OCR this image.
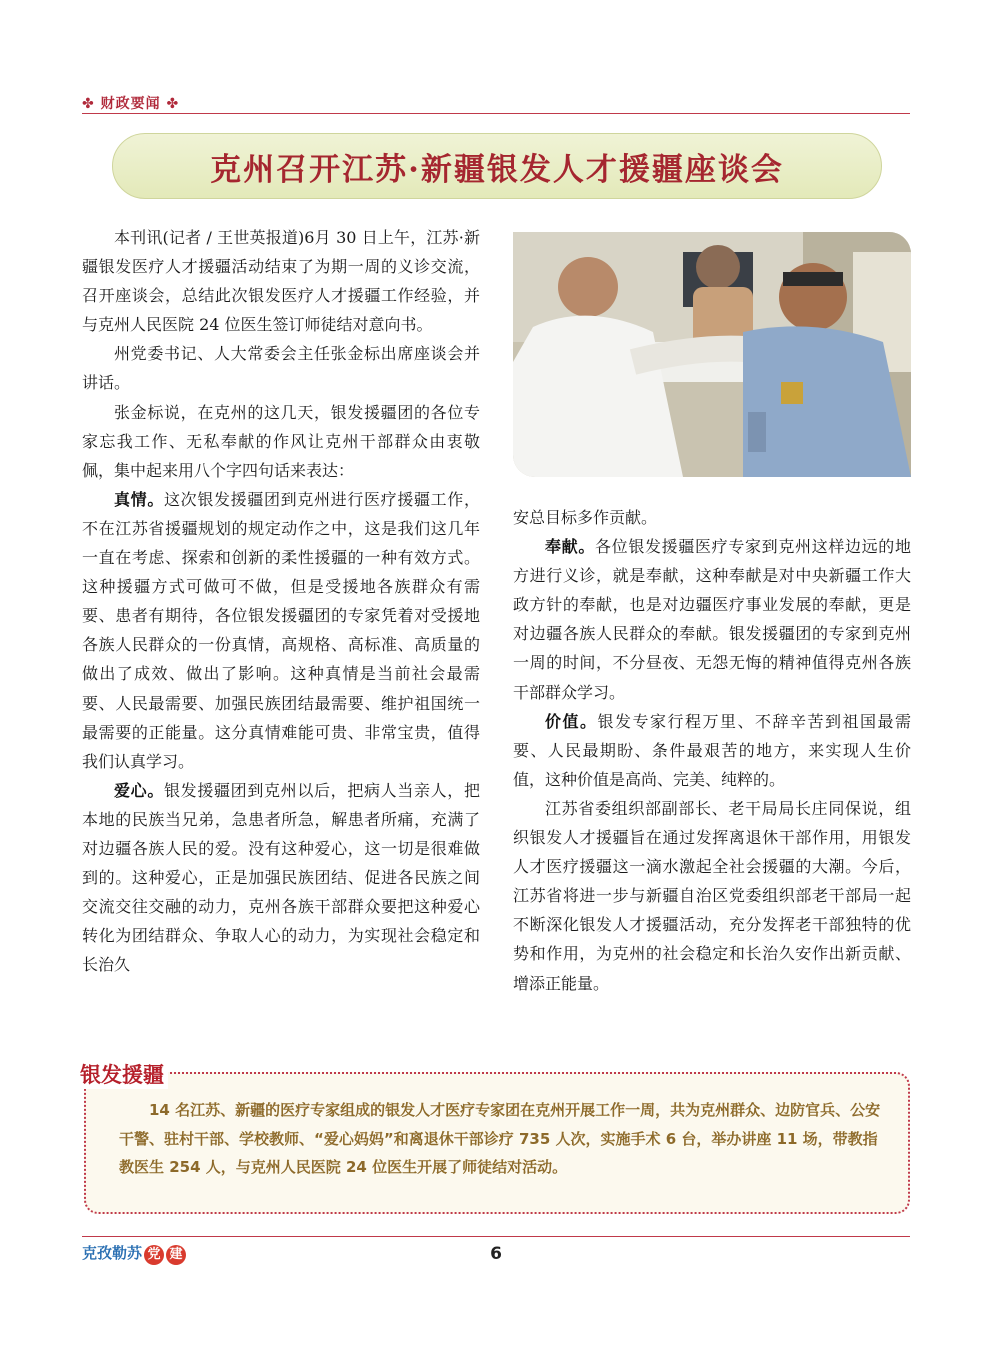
✤ 财政要闻 ✤
克州召开江苏·新疆银发人才援疆座谈会

本刊讯(记者 / 王世英报道)6月 30 日上午，江苏·新疆银发医疗人才援疆活动结束了为期一周的义诊交流，召开座谈会，总结此次银发医疗人才援疆工作经验，并与克州人民医院 24 位医生签订师徒结对意向书。

州党委书记、人大常委会主任张金标出席座谈会并讲话。

张金标说，在克州的这几天，银发援疆团的各位专家忘我工作、无私奉献的作风让克州干部群众由衷敬佩，集中起来用八个字四句话来表达：

真情。这次银发援疆团到克州进行医疗援疆工作，不在江苏省援疆规划的规定动作之中，这是我们这几年一直在考虑、探索和创新的柔性援疆的一种有效方式。这种援疆方式可做可不做，但是受援地各族群众有需要、患者有期待，各位银发援疆团的专家凭着对受援地各族人民群众的一份真情，高规格、高标准、高质量的做出了成效、做出了影响。这种真情是当前社会最需要、人民最需要、加强民族团结最需要、维护祖国统一最需要的正能量。这分真情难能可贵、非常宝贵，值得我们认真学习。

爱心。银发援疆团到克州以后，把病人当亲人，把本地的民族当兄弟，急患者所急，解患者所痛，充满了对边疆各族人民的爱。没有这种爱心，这一切是很难做到的。这种爱心，正是加强民族团结、促进各民族之间交流交往交融的动力，克州各族干部群众要把这种爱心转化为团结群众、争取人心的动力，为实现社会稳定和长治久

安总目标多作贡献。

奉献。各位银发援疆医疗专家到克州这样边远的地方进行义诊，就是奉献，这种奉献是对中央新疆工作大政方针的奉献，也是对边疆医疗事业发展的奉献，更是对边疆各族人民群众的奉献。银发援疆团的专家到克州一周的时间，不分昼夜、无怨无悔的精神值得克州各族干部群众学习。

价值。银发专家行程万里、不辞辛苦到祖国最需要、人民最期盼、条件最艰苦的地方，来实现人生价值，这种价值是高尚、完美、纯粹的。

江苏省委组织部副部长、老干局局长庄同保说，组织银发人才援疆旨在通过发挥离退休干部作用，用银发人才医疗援疆这一滴水激起全社会援疆的大潮。今后，江苏省将进一步与新疆自治区党委组织部老干部局一起不断深化银发人才援疆活动，充分发挥老干部独特的优势和作用，为克州的社会稳定和长治久安作出新贡献、增添正能量。

银发援疆
14 名江苏、新疆的医疗专家组成的银发人才医疗专家团在克州开展工作一周，共为克州群众、边防官兵、公安干警、驻村干部、学校教师、“爱心妈妈”和离退休干部诊疗 735 人次，实施手术 6 台，举办讲座 11 场，带教指教医生 254 人，与克州人民医院 24 位医生开展了师徒结对活动。
克孜勒苏 党 建	6
